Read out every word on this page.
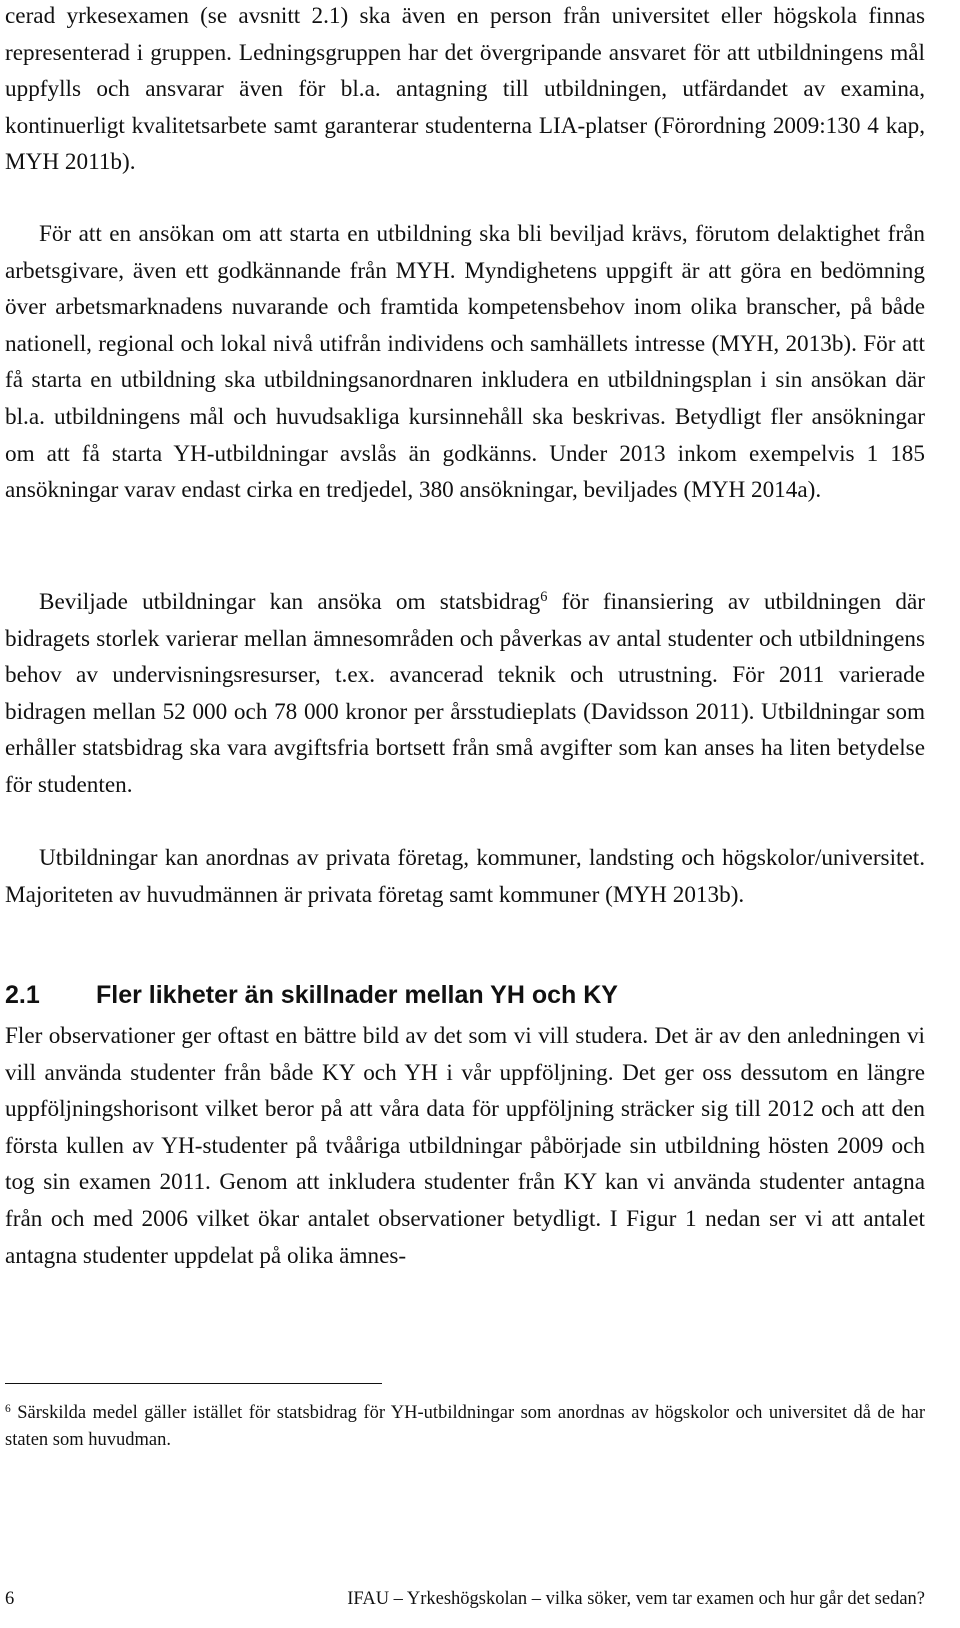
cerad yrkesexamen (se avsnitt 2.1) ska även en person från universitet eller högskola finnas representerad i gruppen. Ledningsgruppen har det övergripande ansvaret för att utbildningens mål uppfylls och ansvarar även för bl.a. antagning till utbildningen, utfärdandet av examina, kontinuerligt kvalitetsarbete samt garanterar studenterna LIA-platser (Förordning 2009:130 4 kap, MYH 2011b).

För att en ansökan om att starta en utbildning ska bli beviljad krävs, förutom delaktighet från arbetsgivare, även ett godkännande från MYH. Myndighetens uppgift är att göra en bedömning över arbetsmarknadens nuvarande och framtida kompetensbehov inom olika branscher, på både nationell, regional och lokal nivå utifrån individens och samhällets intresse (MYH, 2013b). För att få starta en utbildning ska utbildningsanordnaren inkludera en utbildningsplan i sin ansökan där bl.a. utbildningens mål och huvudsakliga kursinnehåll ska beskrivas. Betydligt fler ansökningar om att få starta YH-utbildningar avslås än godkänns. Under 2013 inkom exempelvis 1 185 ansökningar varav endast cirka en tredjedel, 380 ansökningar, beviljades (MYH 2014a).

Beviljade utbildningar kan ansöka om statsbidrag$^6$ för finansiering av utbildningen där bidragets storlek varierar mellan ämnesområden och påverkas av antal studenter och utbildningens behov av undervisningsresurser, t.ex. avancerad teknik och utrustning. För 2011 varierade bidragen mellan 52 000 och 78 000 kronor per årsstudieplats (Davidsson 2011). Utbildningar som erhåller statsbidrag ska vara avgiftsfria bortsett från små avgifter som kan anses ha liten betydelse för studenten.

Utbildningar kan anordnas av privata företag, kommuner, landsting och högskolor/universitet. Majoriteten av huvudmännen är privata företag samt kommuner (MYH 2013b).

2.1 Fler likheter än skillnader mellan YH och KY

Fler observationer ger oftast en bättre bild av det som vi vill studera. Det är av den anledningen vi vill använda studenter från både KY och YH i vår uppföljning. Det ger oss dessutom en längre uppföljningshorisont vilket beror på att våra data för uppföljning sträcker sig till 2012 och att den första kullen av YH-studenter på tvååriga utbildningar påbörjade sin utbildning hösten 2009 och tog sin examen 2011. Genom att inkludera studenter från KY kan vi använda studenter antagna från och med 2006 vilket ökar antalet observationer betydligt. I Figur 1 nedan ser vi att antalet antagna studenter uppdelat på olika ämnes-

$^6$ Särskilda medel gäller istället för statsbidrag för YH-utbildningar som anordnas av högskolor och universitet då de har staten som huvudman.

6	IFAU – Yrkeshögskolan – vilka söker, vem tar examen och hur går det sedan?
